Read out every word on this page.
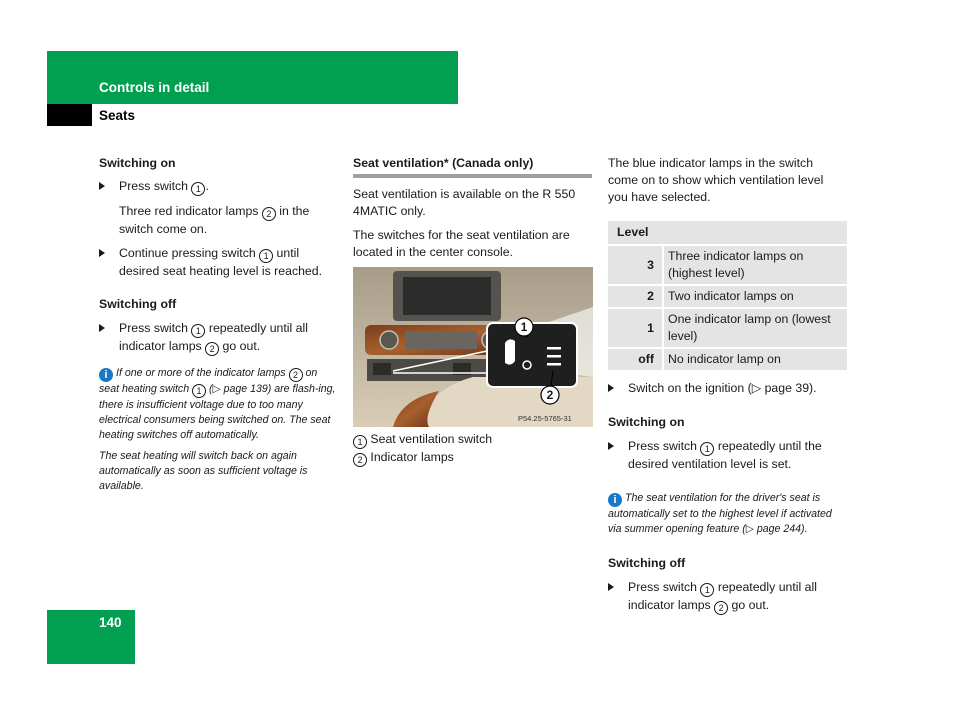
Controls in detail
Seats

Switching on

Press switch 1 .

Three red indicator lamps 2 in the switch come on.

Continue pressing switch 1 until desired seat heating level is reached.

Switching off

Press switch 1 repeatedly until all indicator lamps 2 go out.

i If one or more of the indicator lamps 2 on seat heating switch 1 (▷ page 139) are flash-ing, there is insufficient voltage due to too many electrical consumers being switched on. The seat heating switches off automatically.

The seat heating will switch back on again automatically as soon as sufficient voltage is available.

Seat ventilation* (Canada only)

Seat ventilation is available on the R 550 4MATIC only.

The switches for the seat ventilation are located in the center console.

1
2
P54.25-5765-31

1 Seat ventilation switch

2 Indicator lamps

The blue indicator lamps in the switch come on to show which ventilation level you have selected.

Level	
3	Three indicator lamps on (highest level)
2	Two indicator lamps on
1	One indicator lamp on (lowest level)
off	No indicator lamp on

Switch on the ignition (▷ page 39).

Switching on

Press switch 1 repeatedly until the desired ventilation level is set.

i The seat ventilation for the driver's seat is automatically set to the highest level if activated via summer opening feature (▷ page 244).

Switching off

Press switch 1 repeatedly until all indicator lamps 2 go out.

140
